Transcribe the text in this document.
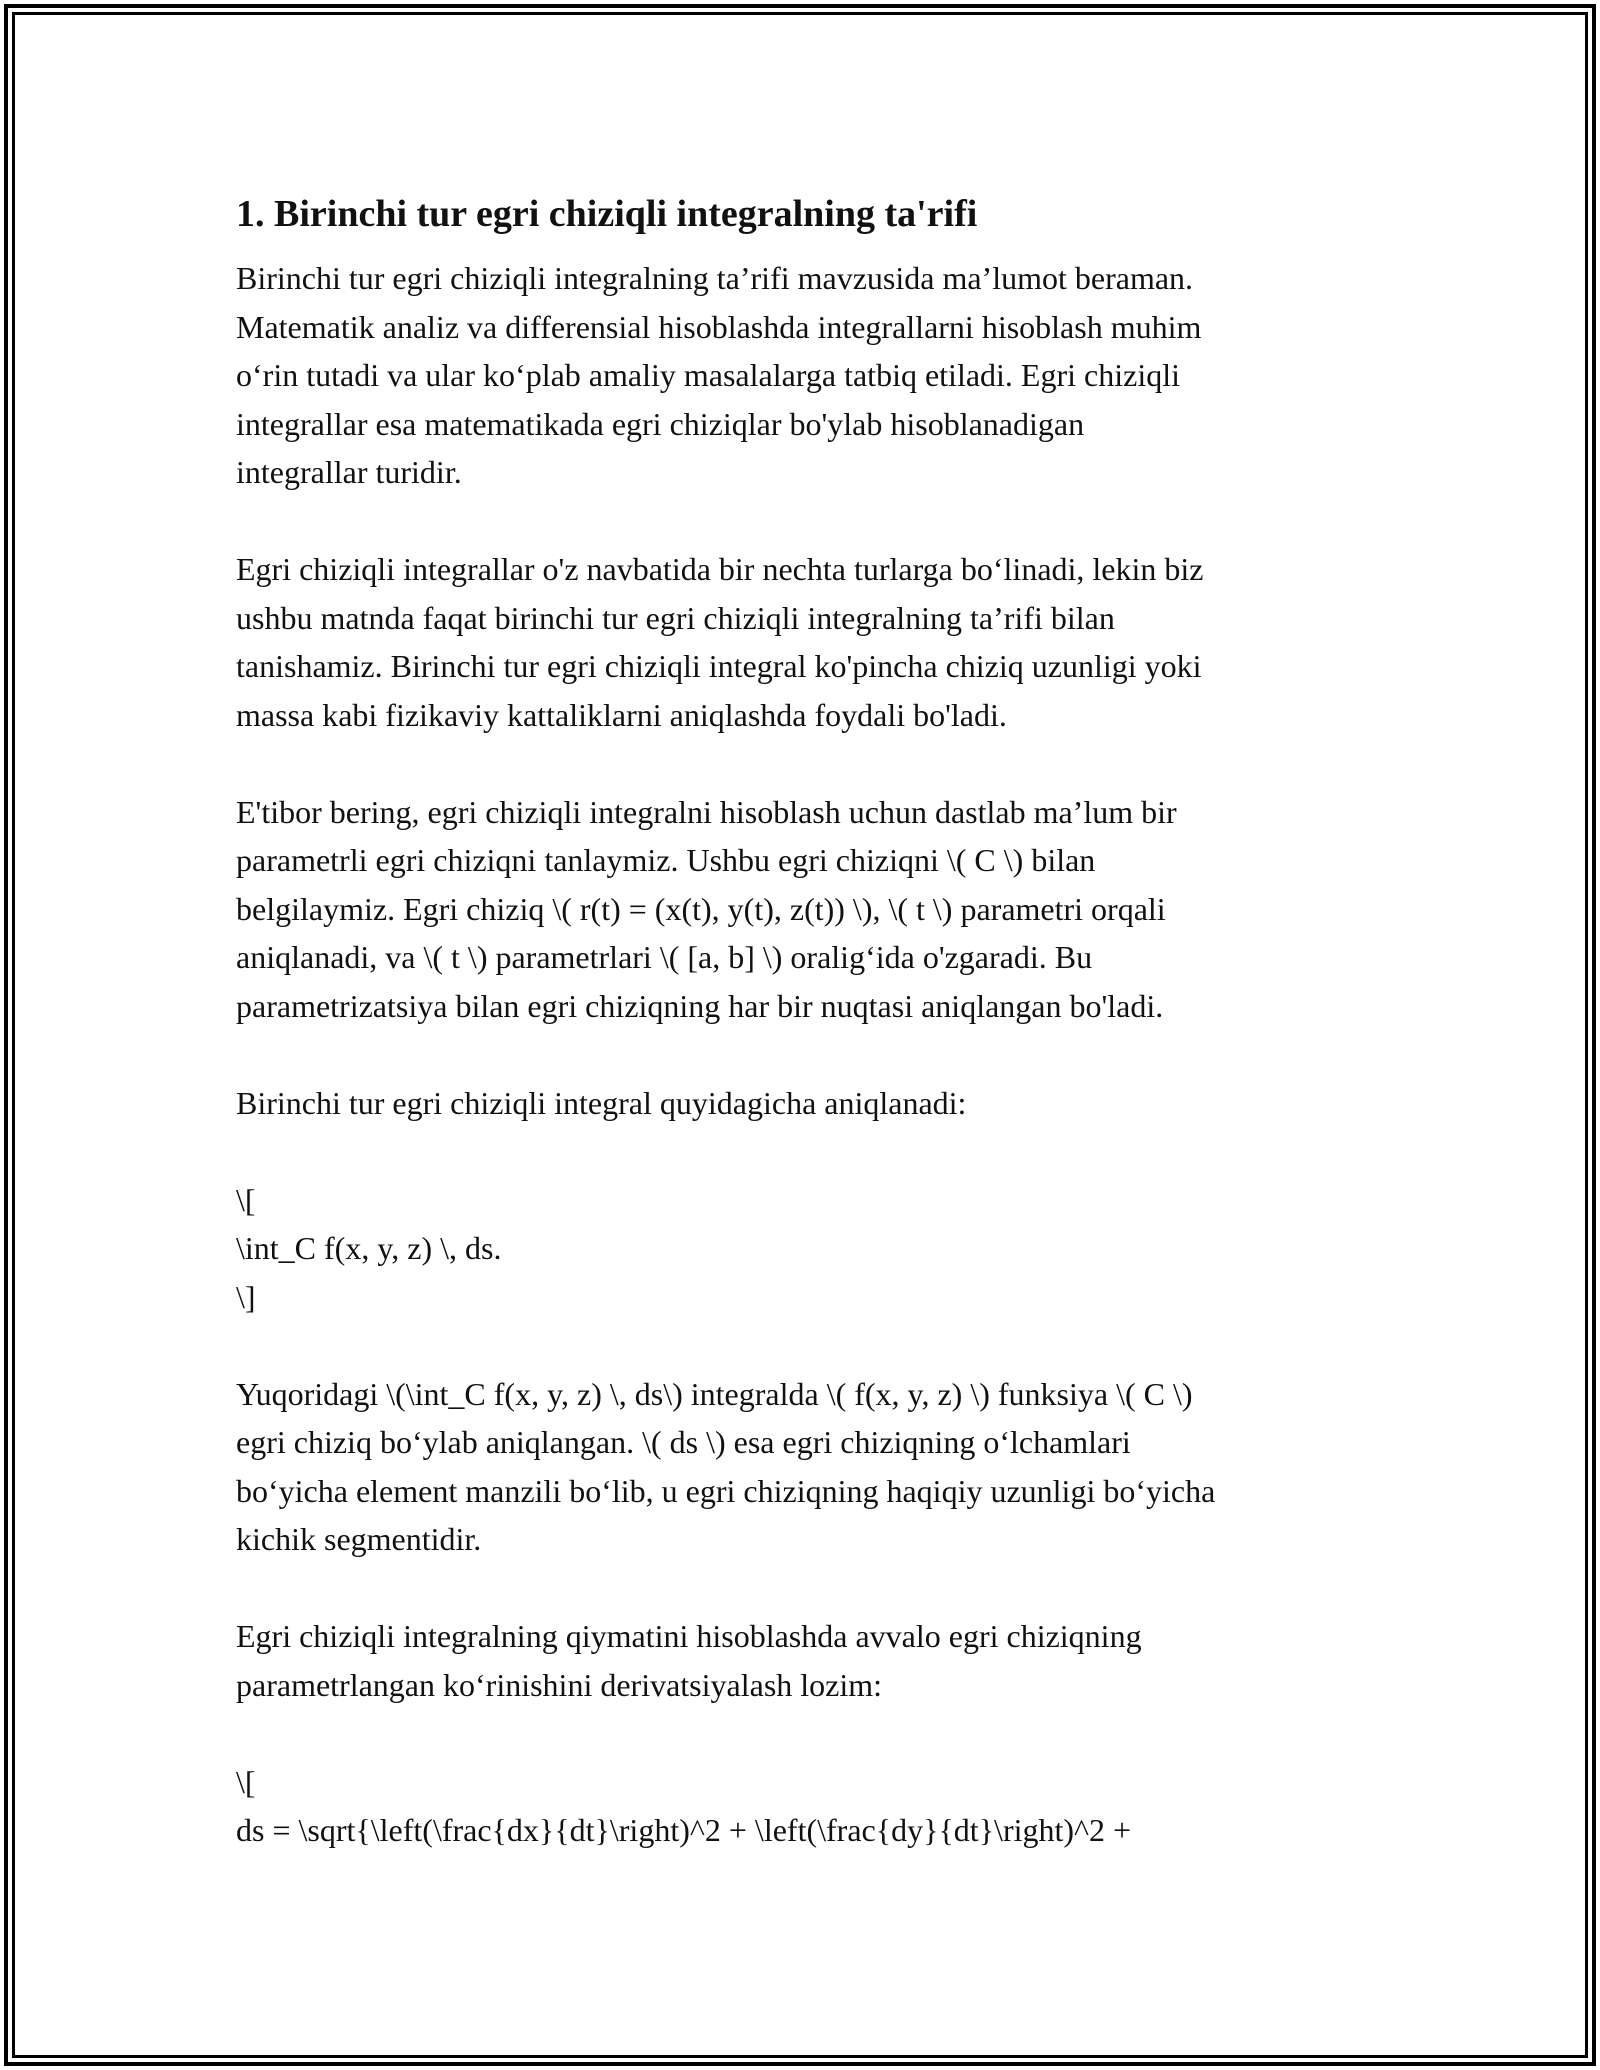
1. Birinchi tur egri chiziqli integralning ta'rifi

Birinchi tur egri chiziqli integralning ta’rifi mavzusida ma’lumot beraman.
Matematik analiz va differensial hisoblashda integrallarni hisoblash muhim
o‘rin tutadi va ular ko‘plab amaliy masalalarga tatbiq etiladi. Egri chiziqli
integrallar esa matematikada egri chiziqlar bo'ylab hisoblanadigan
integrallar turidir.

Egri chiziqli integrallar o'z navbatida bir nechta turlarga bo‘linadi, lekin biz
ushbu matnda faqat birinchi tur egri chiziqli integralning ta’rifi bilan
tanishamiz. Birinchi tur egri chiziqli integral ko'pincha chiziq uzunligi yoki
massa kabi fizikaviy kattaliklarni aniqlashda foydali bo'ladi.

E'tibor bering, egri chiziqli integralni hisoblash uchun dastlab ma’lum bir
parametrli egri chiziqni tanlaymiz. Ushbu egri chiziqni \( C \) bilan
belgilaymiz. Egri chiziq \( r(t) = (x(t), y(t), z(t)) \), \( t \) parametri orqali
aniqlanadi, va \( t \) parametrlari \( [a, b] \) oralig‘ida o'zgaradi. Bu
parametrizatsiya bilan egri chiziqning har bir nuqtasi aniqlangan bo'ladi.

Birinchi tur egri chiziqli integral quyidagicha aniqlanadi:

\[
\int_C f(x, y, z) \, ds.
\]

Yuqoridagi \(\int_C f(x, y, z) \, ds\) integralda \( f(x, y, z) \) funksiya \( C \)
egri chiziq bo‘ylab aniqlangan. \( ds \) esa egri chiziqning o‘lchamlari
bo‘yicha element manzili bo‘lib, u egri chiziqning haqiqiy uzunligi bo‘yicha
kichik segmentidir.

Egri chiziqli integralning qiymatini hisoblashda avvalo egri chiziqning
parametrlangan ko‘rinishini derivatsiyalash lozim:

\[
ds = \sqrt{\left(\frac{dx}{dt}\right)^2 + \left(\frac{dy}{dt}\right)^2 +
